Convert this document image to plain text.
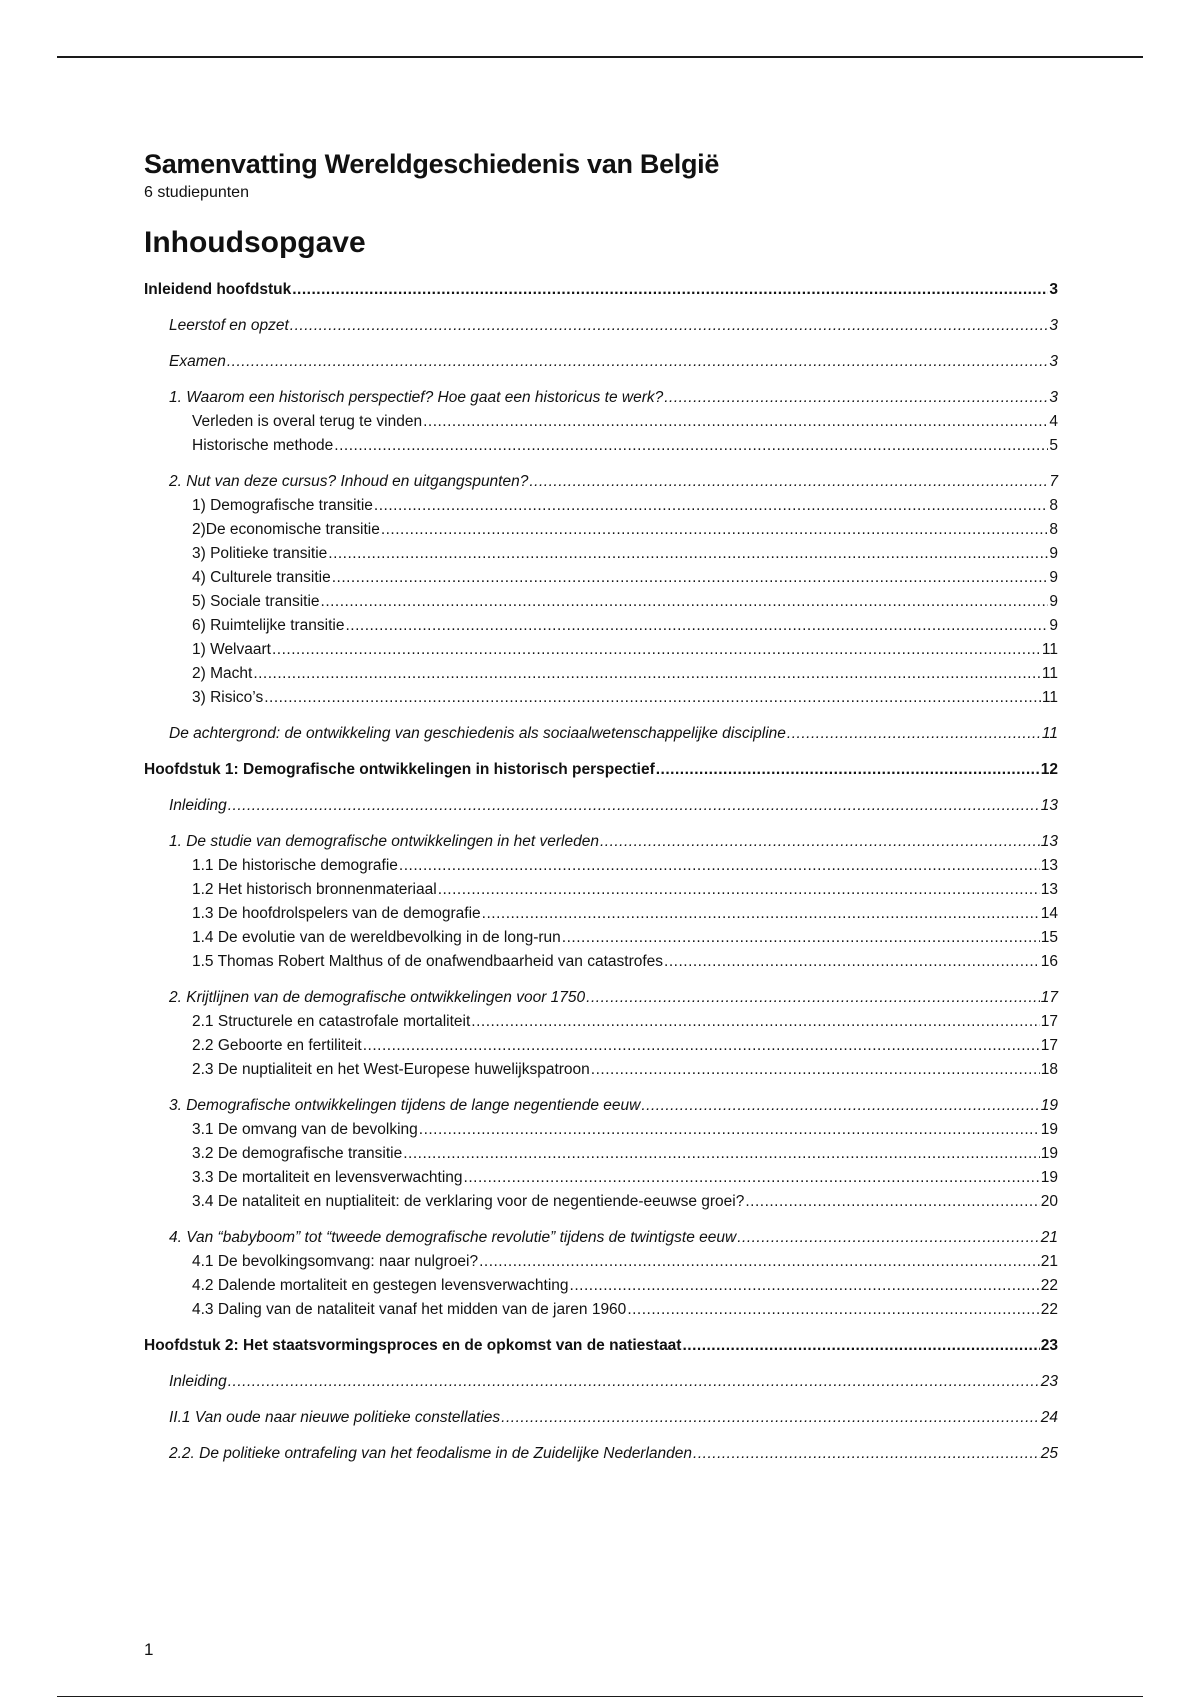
Samenvatting Wereldgeschiedenis van België

6 studiepunten

Inhoudsopgave
Inleidend hoofdstuk .....	3
Leerstof en opzet .....	3
Examen .....	3
1. Waarom een historisch perspectief? Hoe gaat een historicus te werk? .....	3
Verleden is overal terug te vinden .....	4
Historische methode .....	5
2. Nut van deze cursus? Inhoud en uitgangspunten? .....	7
1) Demografische transitie .....	8
2)De economische transitie .....	8
3) Politieke transitie .....	9
4) Culturele transitie .....	9
5) Sociale transitie .....	9
6) Ruimtelijke transitie .....	9
1) Welvaart .....	11
2) Macht .....	11
3) Risico’s .....	11
De achtergrond: de ontwikkeling van geschiedenis als sociaalwetenschappelijke discipline .....	11
Hoofdstuk 1: Demografische ontwikkelingen in historisch perspectief .....	12
Inleiding .....	13
1. De studie van demografische ontwikkelingen in het verleden .....	13
1.1 De historische demografie .....	13
1.2 Het historisch bronnenmateriaal .....	13
1.3 De hoofdrolspelers van de demografie .....	14
1.4 De evolutie van de wereldbevolking in de long-run .....	15
1.5 Thomas Robert Malthus of de onafwendbaarheid van catastrofes .....	16
2. Krijtlijnen van de demografische ontwikkelingen voor 1750 .....	17
2.1 Structurele en catastrofale mortaliteit .....	17
2.2 Geboorte en fertiliteit .....	17
2.3 De nuptialiteit en het West-Europese huwelijkspatroon .....	18
3. Demografische ontwikkelingen tijdens de lange negentiende eeuw .....	19
3.1 De omvang van de bevolking .....	19
3.2 De demografische transitie .....	19
3.3 De mortaliteit en levensverwachting .....	19
3.4 De nataliteit en nuptialiteit: de verklaring voor de negentiende-eeuwse groei? .....	20
4. Van “babyboom” tot “tweede demografische revolutie” tijdens de twintigste eeuw .....	21
4.1 De bevolkingsomvang: naar nulgroei? .....	21
4.2 Dalende mortaliteit en gestegen levensverwachting .....	22
4.3 Daling van de nataliteit vanaf het midden van de jaren 1960 .....	22
Hoofdstuk 2: Het staatsvormingsproces en de opkomst van de natiestaat .....	23
Inleiding .....	23
II.1 Van oude naar nieuwe politieke constellaties .....	24
2.2. De politieke ontrafeling van het feodalisme in de Zuidelijke Nederlanden .....	25
1
